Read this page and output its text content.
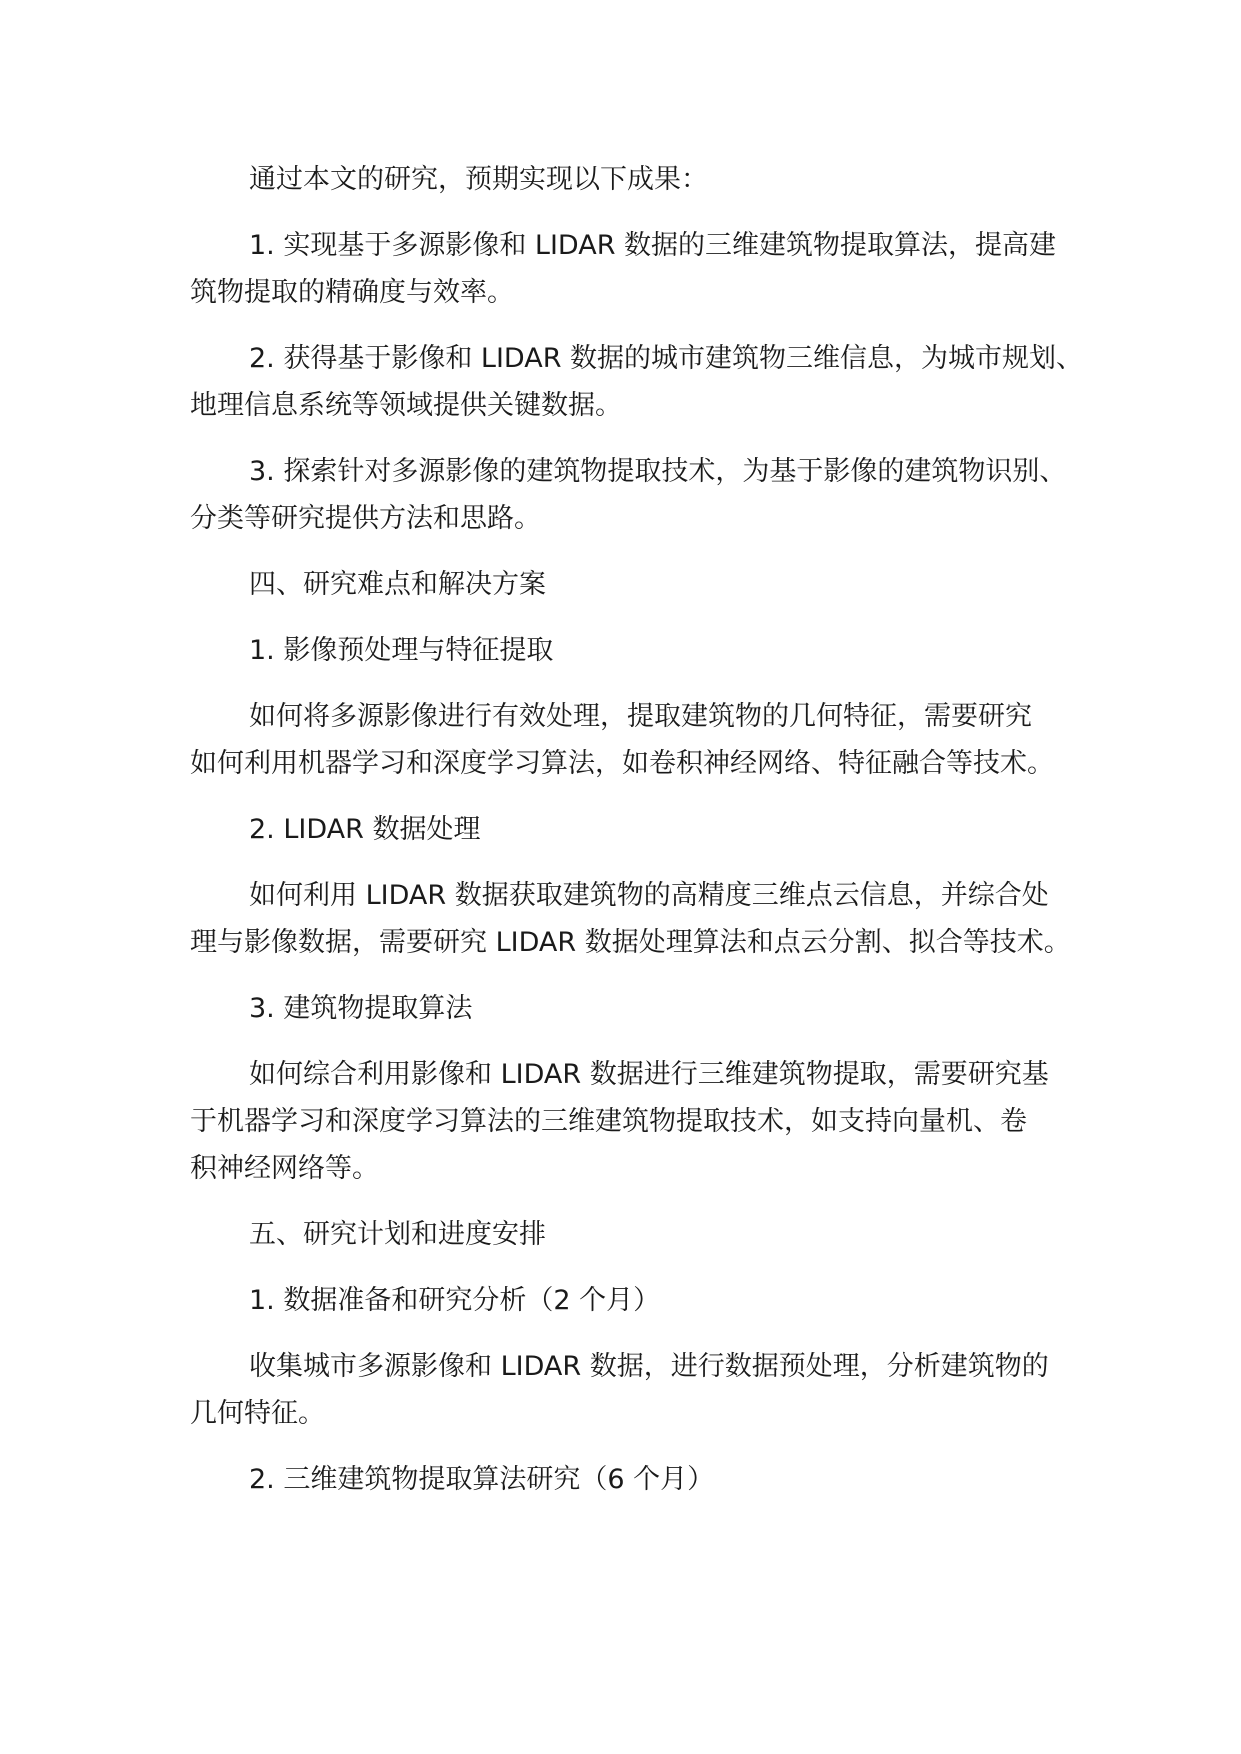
通过本文的研究，预期实现以下成果：
1. 实现基于多源影像和 LIDAR 数据的三维建筑物提取算法，提高建
筑物提取的精确度与效率。
2. 获得基于影像和 LIDAR 数据的城市建筑物三维信息，为城市规划、
地理信息系统等领域提供关键数据。
3. 探索针对多源影像的建筑物提取技术，为基于影像的建筑物识别、
分类等研究提供方法和思路。
四、研究难点和解决方案
1. 影像预处理与特征提取
如何将多源影像进行有效处理，提取建筑物的几何特征，需要研究
如何利用机器学习和深度学习算法，如卷积神经网络、特征融合等技术。
2. LIDAR 数据处理
如何利用 LIDAR 数据获取建筑物的高精度三维点云信息，并综合处
理与影像数据，需要研究 LIDAR 数据处理算法和点云分割、拟合等技术。
3. 建筑物提取算法
如何综合利用影像和 LIDAR 数据进行三维建筑物提取，需要研究基
于机器学习和深度学习算法的三维建筑物提取技术，如支持向量机、卷
积神经网络等。
五、研究计划和进度安排
1. 数据准备和研究分析（2 个月）
收集城市多源影像和 LIDAR 数据，进行数据预处理，分析建筑物的
几何特征。
2. 三维建筑物提取算法研究（6 个月）
